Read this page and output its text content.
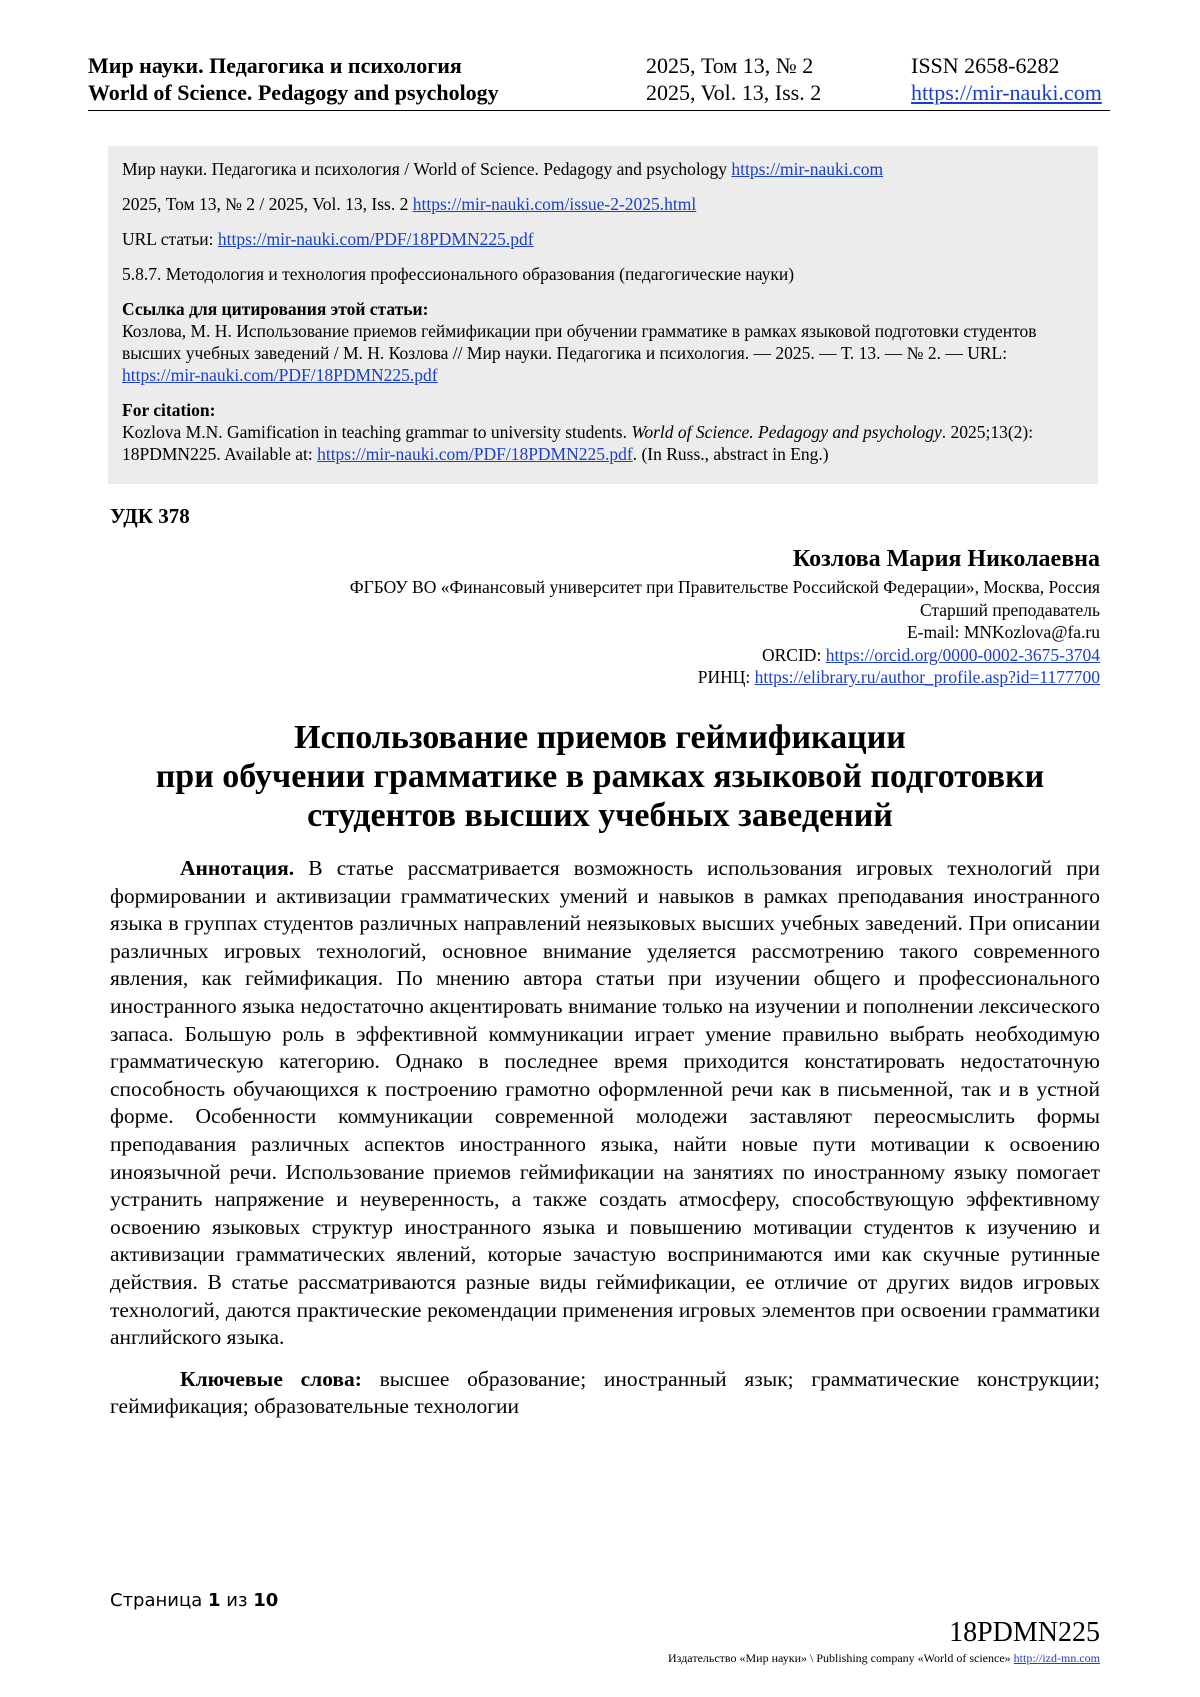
Мир науки. Педагогика и психология
World of Science. Pedagogy and psychology
2025, Том 13, № 2
2025, Vol. 13, Iss. 2
ISSN 2658-6282
https://mir-nauki.com

Мир науки. Педагогика и психология / World of Science. Pedagogy and psychology https://mir-nauki.com

2025, Том 13, № 2 / 2025, Vol. 13, Iss. 2 https://mir-nauki.com/issue-2-2025.html

URL статьи: https://mir-nauki.com/PDF/18PDMN225.pdf

5.8.7. Методология и технология профессионального образования (педагогические науки)

Ссылка для цитирования этой статьи:

Козлова, М. Н. Использование приемов геймификации при обучении грамматике в рамках языковой подготовки студентов высших учебных заведений / М. Н. Козлова // Мир науки. Педагогика и психология. — 2025. — Т. 13. — № 2. — URL: https://mir-nauki.com/PDF/18PDMN225.pdf

For citation:

Kozlova M.N. Gamification in teaching grammar to university students. World of Science. Pedagogy and psychology. 2025;13(2): 18PDMN225. Available at: https://mir-nauki.com/PDF/18PDMN225.pdf. (In Russ., abstract in Eng.)

УДК 378
Козлова Мария Николаевна
ФГБОУ ВО «Финансовый университет при Правительстве Российской Федерации», Москва, Россия
Старший преподаватель
E-mail: MNKozlova@fa.ru
ORCID: https://orcid.org/0000-0002-3675-3704
РИНЦ: https://elibrary.ru/author_profile.asp?id=1177700
Использование приемов геймификации
при обучении грамматике в рамках языковой подготовки
студентов высших учебных заведений

Аннотация. В статье рассматривается возможность использования игровых технологий при формировании и активизации грамматических умений и навыков в рамках преподавания иностранного языка в группах студентов различных направлений неязыковых высших учебных заведений. При описании различных игровых технологий, основное внимание уделяется рассмотрению такого современного явления, как геймификация. По мнению автора статьи при изучении общего и профессионального иностранного языка недостаточно акцентировать внимание только на изучении и пополнении лексического запаса. Большую роль в эффективной коммуникации играет умение правильно выбрать необходимую грамматическую категорию. Однако в последнее время приходится констатировать недостаточную способность обучающихся к построению грамотно оформленной речи как в письменной, так и в устной форме. Особенности коммуникации современной молодежи заставляют переосмыслить формы преподавания различных аспектов иностранного языка, найти новые пути мотивации к освоению иноязычной речи. Использование приемов геймификации на занятиях по иностранному языку помогает устранить напряжение и неуверенность, а также создать атмосферу, способствующую эффективному освоению языковых структур иностранного языка и повышению мотивации студентов к изучению и активизации грамматических явлений, которые зачастую воспринимаются ими как скучные рутинные действия. В статье рассматриваются разные виды геймификации, ее отличие от других видов игровых технологий, даются практические рекомендации применения игровых элементов при освоении грамматики английского языка.

Ключевые слова: высшее образование; иностранный язык; грамматические конструкции; геймификация; образовательные технологии

Страница 1 из 10
18PDMN225
Издательство «Мир науки» \ Publishing company «World of science» http://izd-mn.com
